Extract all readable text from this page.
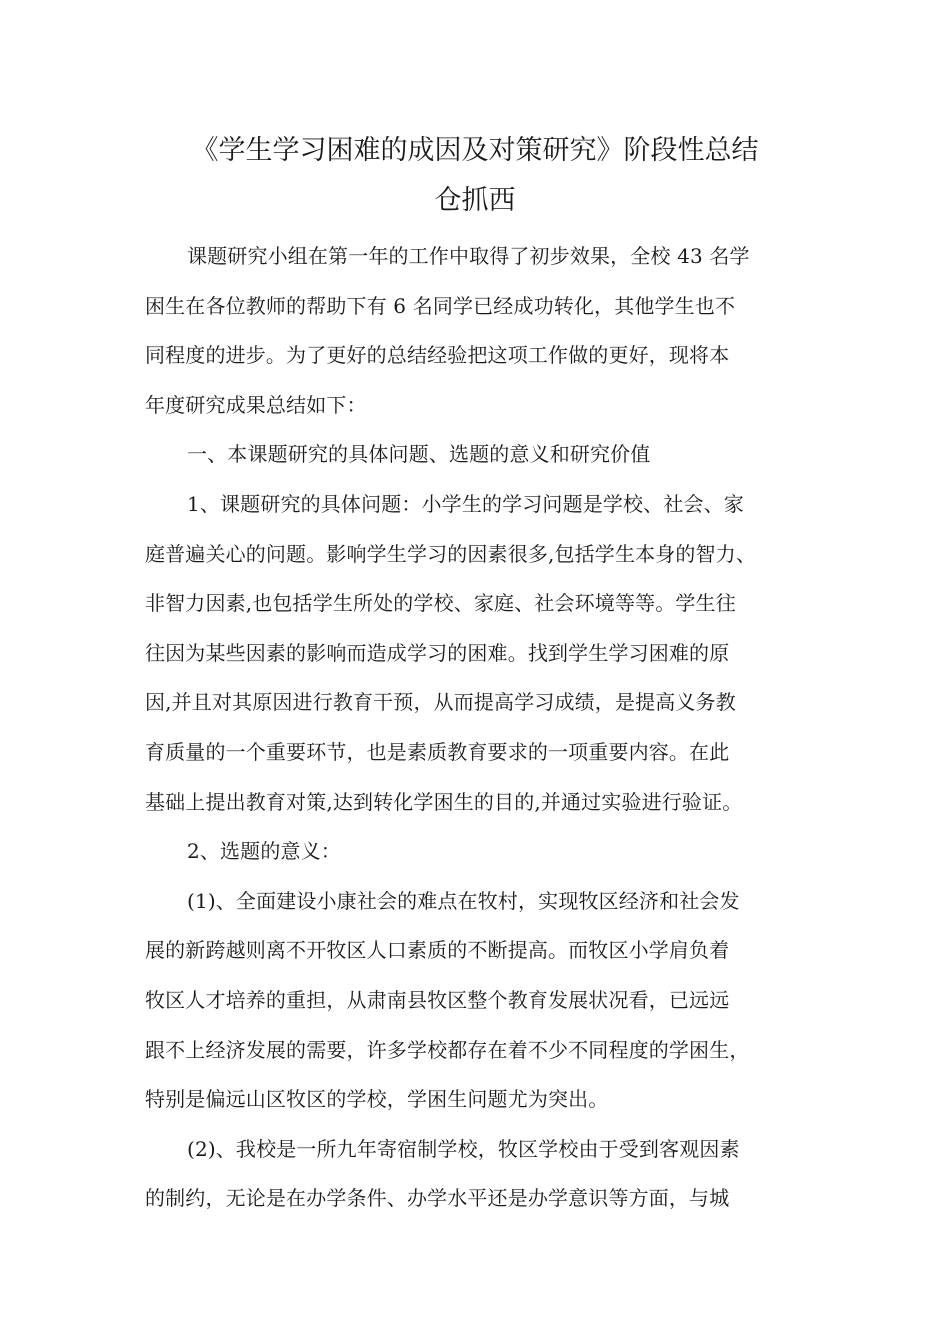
《学生学习困难的成因及对策研究》阶段性总结
仓抓西

课题研究小组在第一年的工作中取得了初步效果，全校 43 名学
困生在各位教师的帮助下有 6 名同学已经成功转化，其他学生也不
同程度的进步。为了更好的总结经验把这项工作做的更好，现将本
年度研究成果总结如下：

一、本课题研究的具体问题、选题的意义和研究价值

1、课题研究的具体问题：小学生的学习问题是学校、社会、家
庭普遍关心的问题。影响学生学习的因素很多,包括学生本身的智力、
非智力因素,也包括学生所处的学校、家庭、社会环境等等。学生往
往因为某些因素的影响而造成学习的困难。找到学生学习困难的原
因,并且对其原因进行教育干预，从而提高学习成绩，是提高义务教
育质量的一个重要环节，也是素质教育要求的一项重要内容。在此
基础上提出教育对策,达到转化学困生的目的,并通过实验进行验证。

2、选题的意义：

(1)、全面建设小康社会的难点在牧村，实现牧区经济和社会发
展的新跨越则离不开牧区人口素质的不断提高。而牧区小学肩负着
牧区人才培养的重担，从肃南县牧区整个教育发展状况看，已远远
跟不上经济发展的需要，许多学校都存在着不少不同程度的学困生，
特别是偏远山区牧区的学校，学困生问题尤为突出。

(2)、我校是一所九年寄宿制学校，牧区学校由于受到客观因素
的制约，无论是在办学条件、办学水平还是办学意识等方面，与城
